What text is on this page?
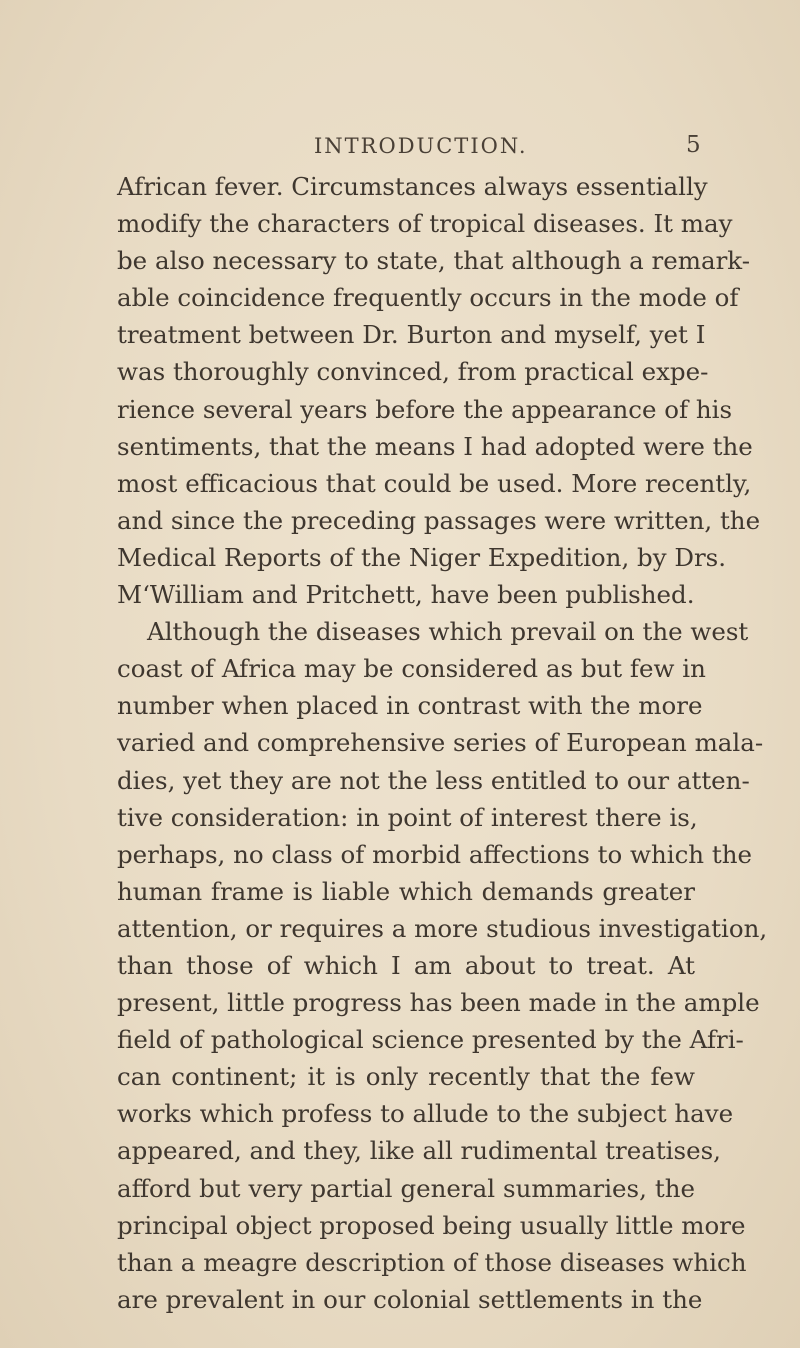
INTRODUCTION.	5
African fever. Circumstances always essentially
modify the characters of tropical diseases. It may
be also necessary to state, that although a remark-
able coincidence frequently occurs in the mode of
treatment between Dr. Burton and myself, yet I
was thoroughly convinced, from practical expe-
rience several years before the appearance of his
sentiments, that the means I had adopted were the
most efficacious that could be used. More recently,
and since the preceding passages were written, the
Medical Reports of the Niger Expedition, by Drs.
M‘William and Pritchett, have been published.
Although the diseases which prevail on the west
coast of Africa may be considered as but few in
number when placed in contrast with the more
varied and comprehensive series of European mala-
dies, yet they are not the less entitled to our atten-
tive consideration: in point of interest there is,
perhaps, no class of morbid affections to which the
human frame is liable which demands greater
attention, or requires a more studious investigation,
than those of which I am about to treat. At
present, little progress has been made in the ample
field of pathological science presented by the Afri-
can continent; it is only recently that the few
works which profess to allude to the subject have
appeared, and they, like all rudimental treatises,
afford but very partial general summaries, the
principal object proposed being usually little more
than a meagre description of those diseases which
are prevalent in our colonial settlements in the
